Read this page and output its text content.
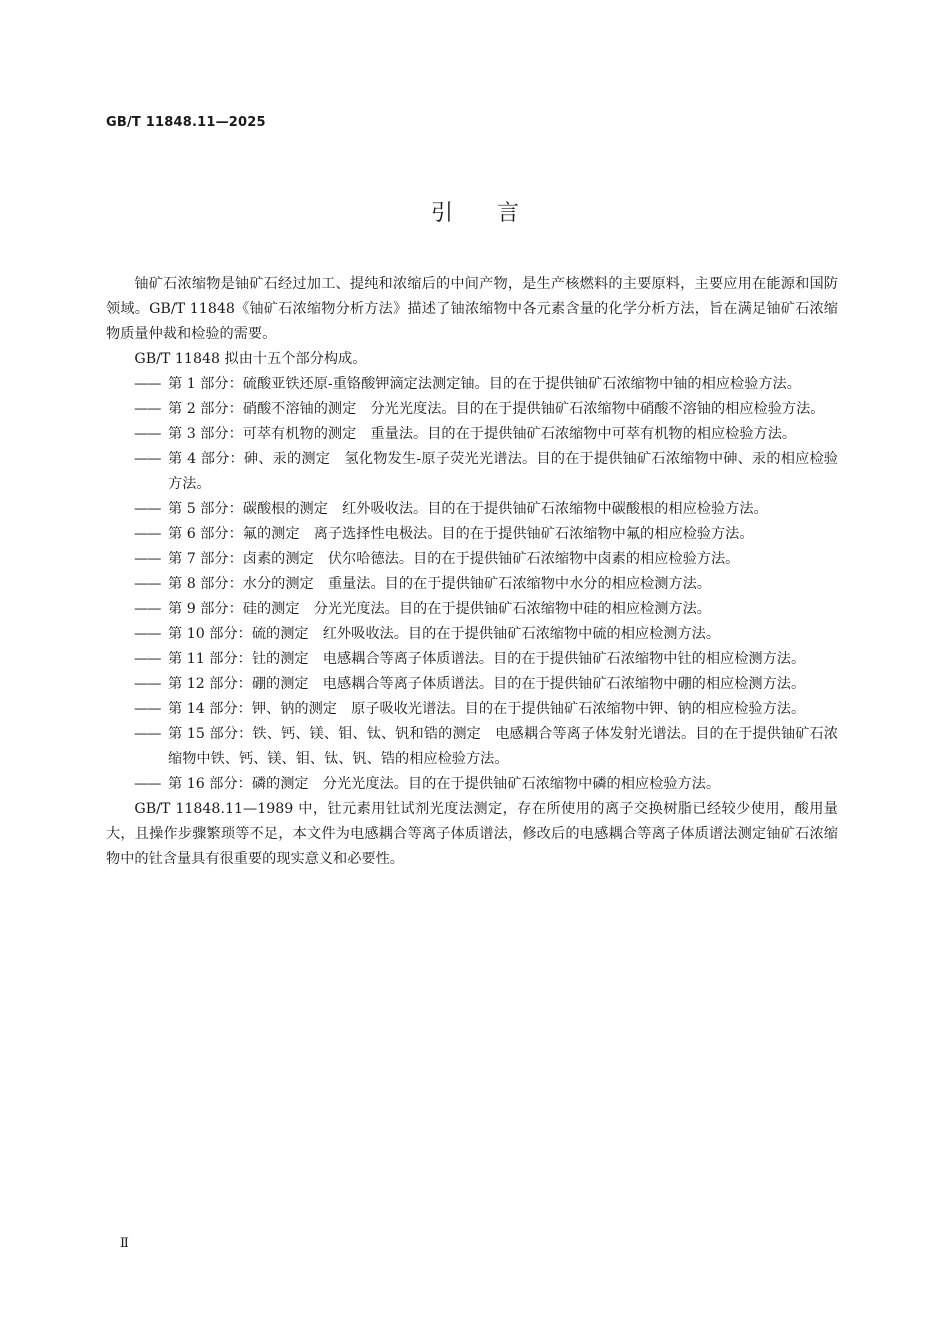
GB/T 11848.11—2025
引言

铀矿石浓缩物是铀矿石经过加工、提纯和浓缩后的中间产物，是生产核燃料的主要原料，主要应用在能源和国防领域。GB/T 11848《铀矿石浓缩物分析方法》描述了铀浓缩物中各元素含量的化学分析方法，旨在满足铀矿石浓缩物质量仲裁和检验的需要。

GB/T 11848 拟由十五个部分构成。

—— 第 1 部分：硫酸亚铁还原-重铬酸钾滴定法测定铀。目的在于提供铀矿石浓缩物中铀的相应检验方法。
—— 第 2 部分：硝酸不溶铀的测定　分光光度法。目的在于提供铀矿石浓缩物中硝酸不溶铀的相应检验方法。
—— 第 3 部分：可萃有机物的测定　重量法。目的在于提供铀矿石浓缩物中可萃有机物的相应检验方法。
—— 第 4 部分：砷、汞的测定　氢化物发生-原子荧光光谱法。目的在于提供铀矿石浓缩物中砷、汞的相应检验方法。
—— 第 5 部分：碳酸根的测定　红外吸收法。目的在于提供铀矿石浓缩物中碳酸根的相应检验方法。
—— 第 6 部分：氟的测定　离子选择性电极法。目的在于提供铀矿石浓缩物中氟的相应检验方法。
—— 第 7 部分：卤素的测定　伏尔哈德法。目的在于提供铀矿石浓缩物中卤素的相应检验方法。
—— 第 8 部分：水分的测定　重量法。目的在于提供铀矿石浓缩物中水分的相应检测方法。
—— 第 9 部分：硅的测定　分光光度法。目的在于提供铀矿石浓缩物中硅的相应检测方法。
—— 第 10 部分：硫的测定　红外吸收法。目的在于提供铀矿石浓缩物中硫的相应检测方法。
—— 第 11 部分：钍的测定　电感耦合等离子体质谱法。目的在于提供铀矿石浓缩物中钍的相应检测方法。
—— 第 12 部分：硼的测定　电感耦合等离子体质谱法。目的在于提供铀矿石浓缩物中硼的相应检测方法。
—— 第 14 部分：钾、钠的测定　原子吸收光谱法。目的在于提供铀矿石浓缩物中钾、钠的相应检验方法。
—— 第 15 部分：铁、钙、镁、钼、钛、钒和锆的测定　电感耦合等离子体发射光谱法。目的在于提供铀矿石浓缩物中铁、钙、镁、钼、钛、钒、锆的相应检验方法。
—— 第 16 部分：磷的测定　分光光度法。目的在于提供铀矿石浓缩物中磷的相应检验方法。

GB/T 11848.11—1989 中，钍元素用钍试剂光度法测定，存在所使用的离子交换树脂已经较少使用，酸用量大，且操作步骤繁琐等不足，本文件为电感耦合等离子体质谱法，修改后的电感耦合等离子体质谱法测定铀矿石浓缩物中的钍含量具有很重要的现实意义和必要性。

Ⅱ
